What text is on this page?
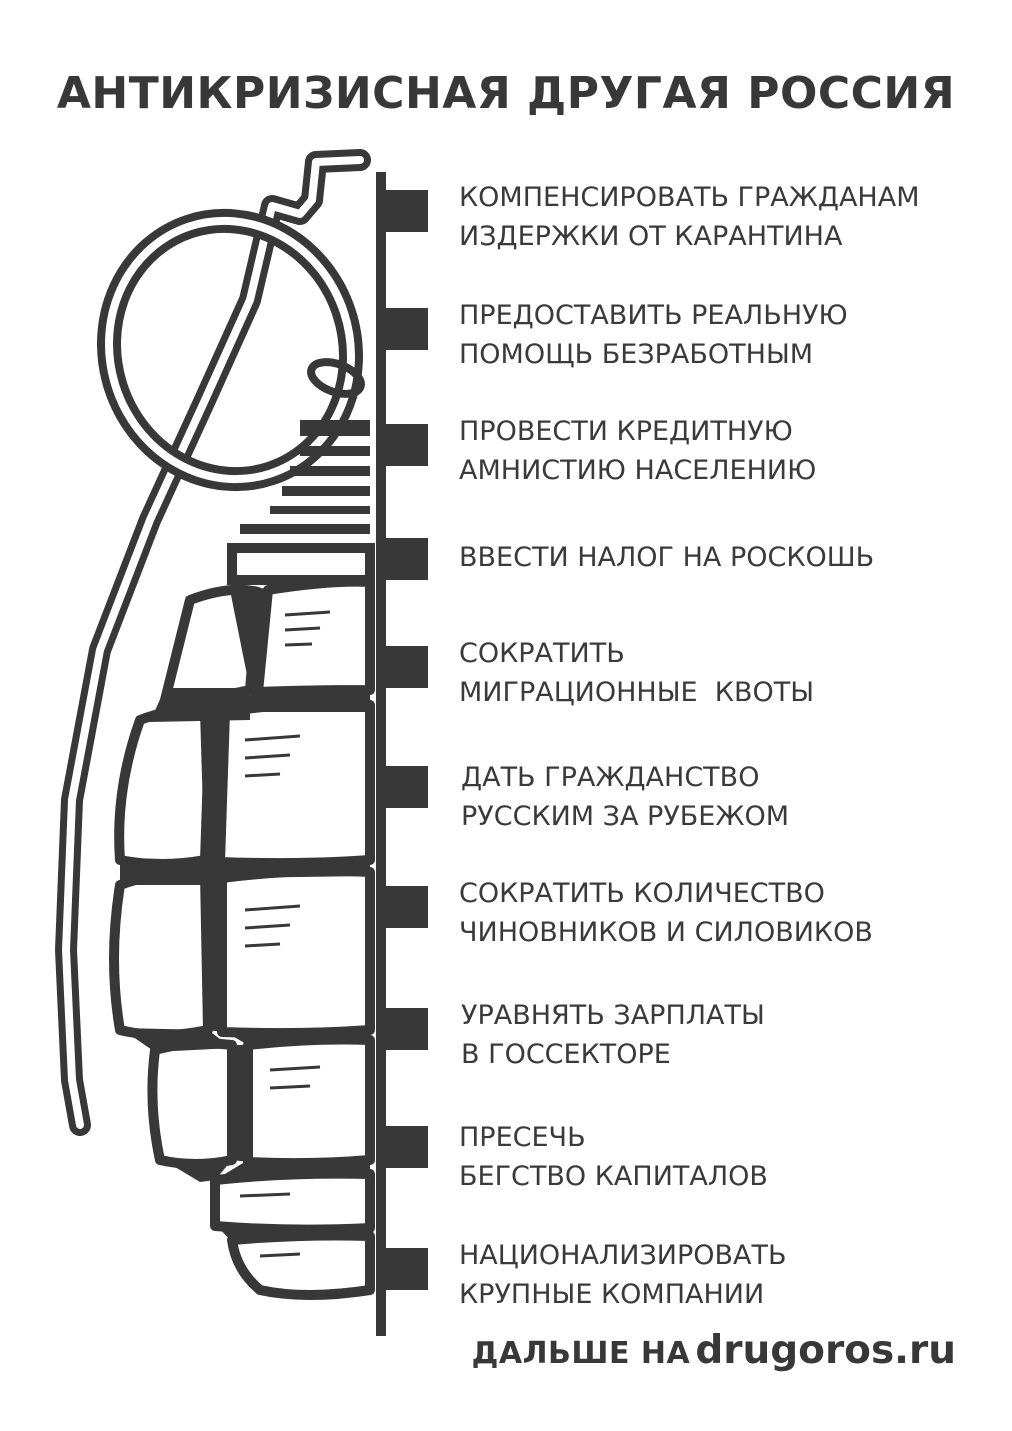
АНТИКРИЗИСНАЯ ДРУГАЯ РОССИЯ
КОМПЕНСИРОВАТЬ ГРАЖДАНАМ
ИЗДЕРЖКИ ОТ КАРАНТИНА
ПРЕДОСТАВИТЬ РЕАЛЬНУЮ
ПОМОЩЬ БЕЗРАБОТНЫМ
ПРОВЕСТИ КРЕДИТНУЮ
АМНИСТИЮ НАСЕЛЕНИЮ
ВВЕСТИ НАЛОГ НА РОСКОШЬ
СОКРАТИТЬ
МИГРАЦИОННЫЕ  КВОТЫ
ДАТЬ ГРАЖДАНСТВО
РУССКИМ ЗА РУБЕЖОМ
СОКРАТИТЬ КОЛИЧЕСТВО
ЧИНОВНИКОВ И СИЛОВИКОВ
УРАВНЯТЬ ЗАРПЛАТЫ
В ГОССЕКТОРЕ
ПРЕСЕЧЬ
БЕГСТВО КАПИТАЛОВ
НАЦИОНАЛИЗИРОВАТЬ
КРУПНЫЕ КОМПАНИИ
ДАЛЬШЕ НА drugoros.ru
